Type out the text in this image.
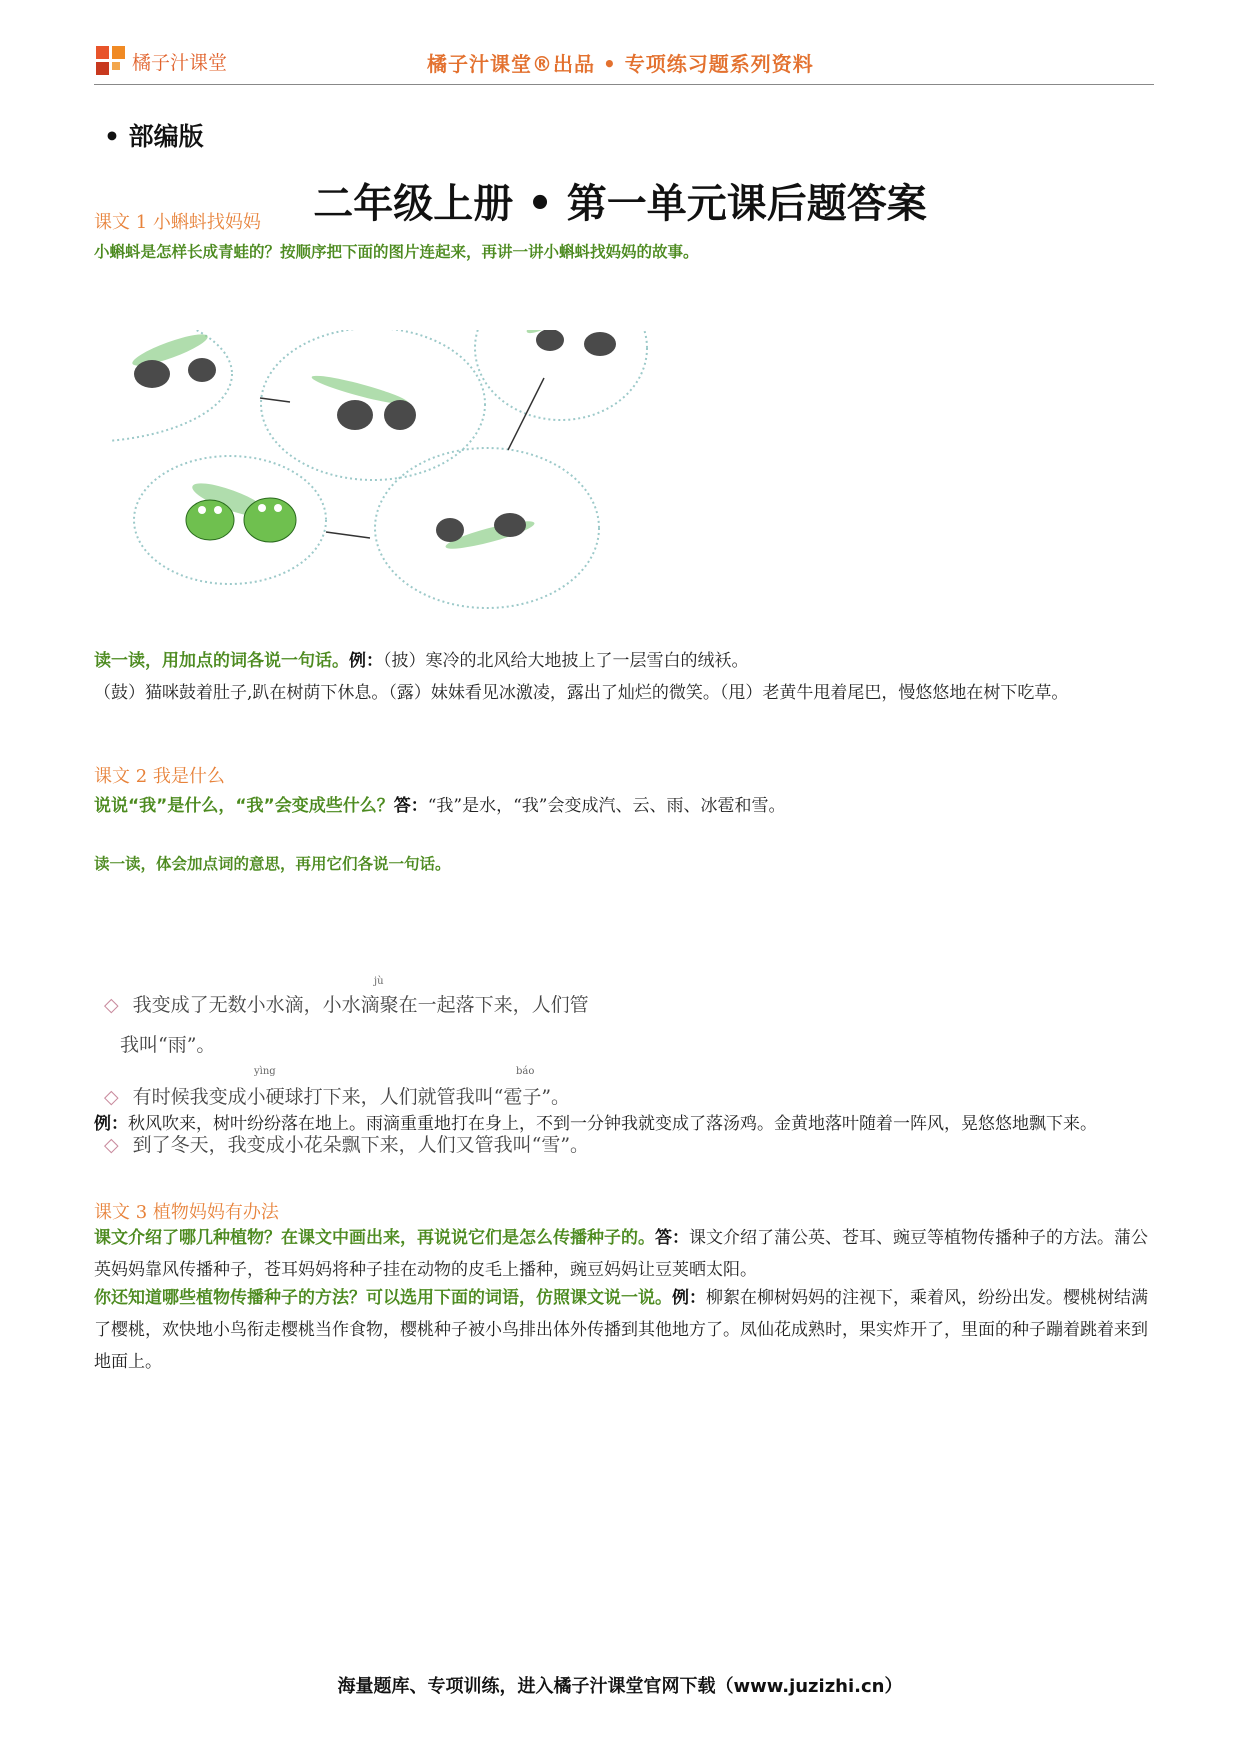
橘子汁课堂	橘子汁课堂®出品 • 专项练习题系列资料
• 部编版
二年级上册 • 第一单元课后题答案
课文 1 小蝌蚪找妈妈
小蝌蚪是怎样长成青蛙的？按顺序把下面的图片连起来，再讲一讲小蝌蚪找妈妈的故事。
读一读，用加点的词各说一句话。例：（披）寒冷的北风给大地披上了一层雪白的绒袄。
（鼓）猫咪鼓着肚子,趴在树荫下休息。（露）妹妹看见冰激凌，露出了灿烂的微笑。（甩）老黄牛甩着尾巴，慢悠悠地在树下吃草。
课文 2 我是什么
说说“我”是什么，“我”会变成些什么？答：“我”是水，“我”会变成汽、云、雨、冰雹和雪。
读一读，体会加点词的意思，再用它们各说一句话。
◇ 我变成了无数小水滴，小水滴聚在一起落下来，人们管
jù
我叫“雨”。
◇ 有时候我变成小硬球打下来，人们就管我叫“雹子”。
yìng	báo
◇ 到了冬天，我变成小花朵飘下来，人们又管我叫“雪”。
例：秋风吹来，树叶纷纷落在地上。雨滴重重地打在身上，不到一分钟我就变成了落汤鸡。金黄地落叶随着一阵风，晃悠悠地飘下来。
课文 3 植物妈妈有办法
课文介绍了哪几种植物？在课文中画出来，再说说它们是怎么传播种子的。答：课文介绍了蒲公英、苍耳、豌豆等植物传播种子的方法。蒲公英妈妈靠风传播种子，苍耳妈妈将种子挂在动物的皮毛上播种，豌豆妈妈让豆荚晒太阳。
你还知道哪些植物传播种子的方法？可以选用下面的词语，仿照课文说一说。例：柳絮在柳树妈妈的注视下，乘着风，纷纷出发。樱桃树结满了樱桃，欢快地小鸟衔走樱桃当作食物，樱桃种子被小鸟排出体外传播到其他地方了。凤仙花成熟时，果实炸开了，里面的种子蹦着跳着来到地面上。
海量题库、专项训练，进入橘子汁课堂官网下载（www.juzizhi.cn）
